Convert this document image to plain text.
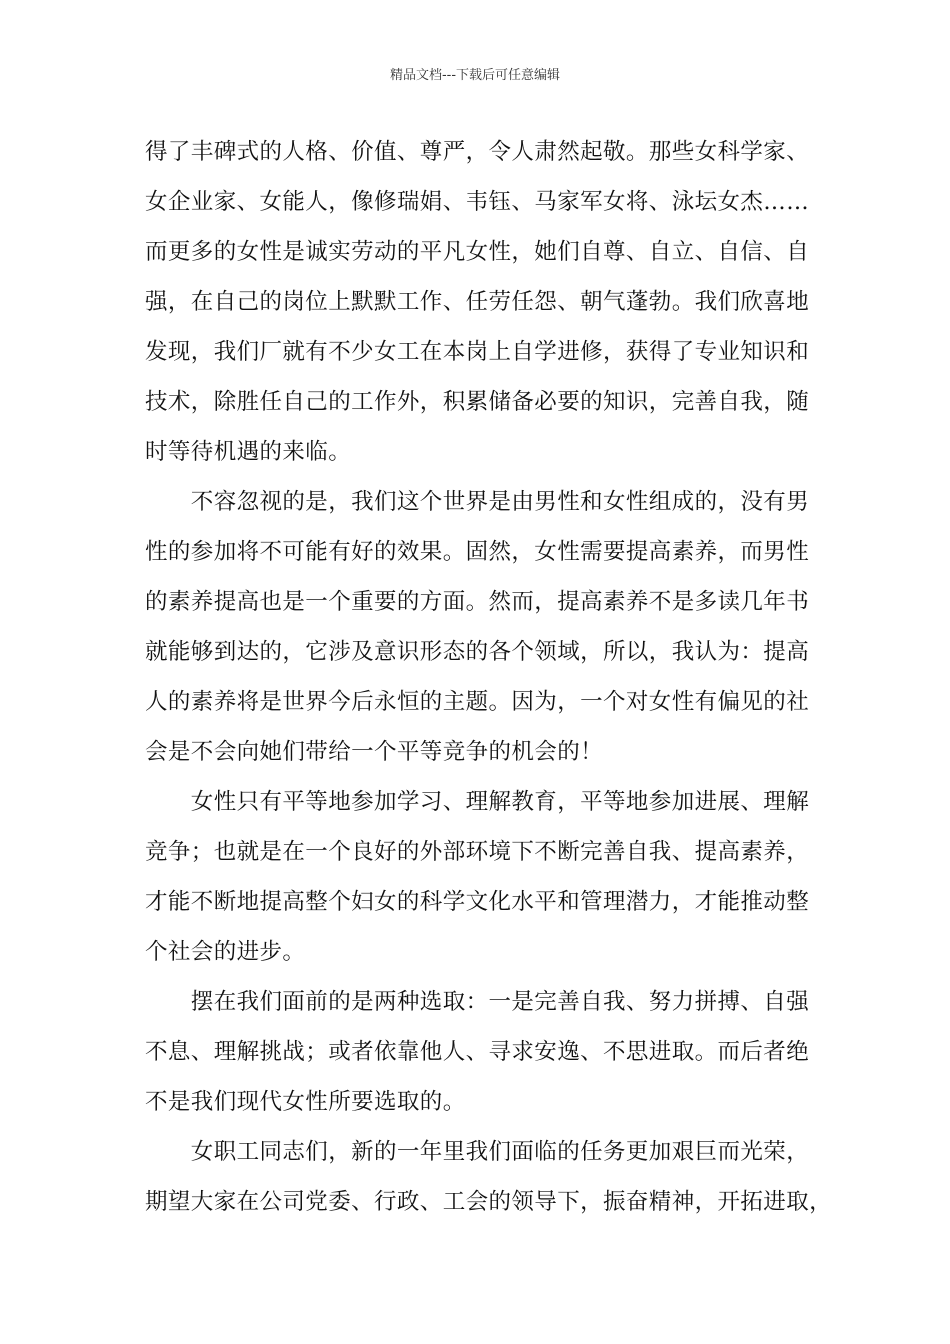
精品文档---下载后可任意编辑
得了丰碑式的人格、价值、尊严，令人肃然起敬。那些女科学家、
女企业家、女能人，像修瑞娟、韦钰、马家军女将、泳坛女杰……
而更多的女性是诚实劳动的平凡女性，她们自尊、自立、自信、自
强，在自己的岗位上默默工作、任劳任怨、朝气蓬勃。我们欣喜地
发现，我们厂就有不少女工在本岗上自学进修，获得了专业知识和
技术，除胜任自己的工作外，积累储备必要的知识，完善自我，随
时等待机遇的来临。
　　不容忽视的是，我们这个世界是由男性和女性组成的，没有男
性的参加将不可能有好的效果。固然，女性需要提高素养，而男性
的素养提高也是一个重要的方面。然而，提高素养不是多读几年书
就能够到达的，它涉及意识形态的各个领域，所以，我认为：提高
人的素养将是世界今后永恒的主题。因为，一个对女性有偏见的社
会是不会向她们带给一个平等竞争的机会的！
　　女性只有平等地参加学习、理解教育，平等地参加进展、理解
竞争；也就是在一个良好的外部环境下不断完善自我、提高素养，
才能不断地提高整个妇女的科学文化水平和管理潜力，才能推动整
个社会的进步。
　　摆在我们面前的是两种选取：一是完善自我、努力拼搏、自强
不息、理解挑战；或者依靠他人、寻求安逸、不思进取。而后者绝
不是我们现代女性所要选取的。
　　女职工同志们，新的一年里我们面临的任务更加艰巨而光荣，
期望大家在公司党委、行政、工会的领导下，振奋精神，开拓进取，
